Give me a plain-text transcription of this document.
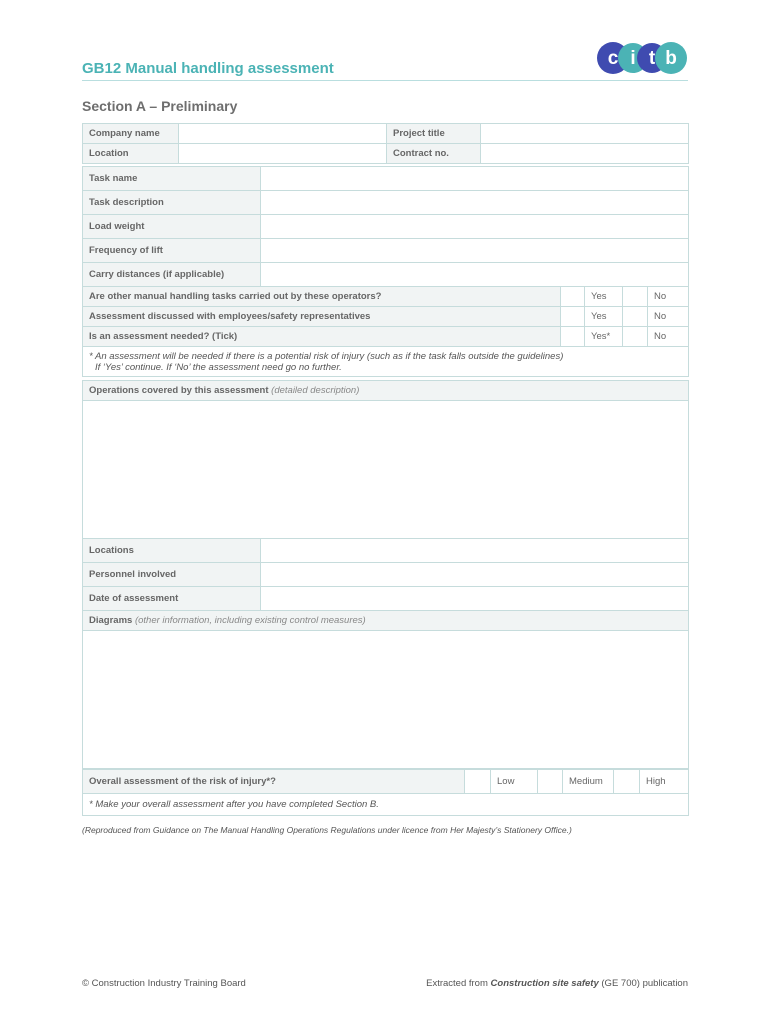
GB12 Manual handling assessment	c i t b
Section A – Preliminary
Company name		Project title	
Location		Contract no.	
Task name	
Task description	
Load weight	
Frequency of lift	
Carry distances (if applicable)	
Are other manual handling tasks carried out by these operators?		Yes		No
Assessment discussed with employees/safety representatives		Yes		No
Is an assessment needed? (Tick)		Yes*		No

* An assessment will be needed if there is a potential risk of injury (such as if the task falls outside the guidelines)
If ‘Yes’ continue. If ‘No’ the assessment need go no further.				
Operations covered by this assessment (detailed description)

Locations	
Personnel involved	
Date of assessment	
Diagrams (other information, including existing control measures)

Overall assessment of the risk of injury*?		Low		Medium		High
* Make your overall assessment after you have completed Section B.
(Reproduced from Guidance on The Manual Handling Operations Regulations under licence from Her Majesty’s Stationery Office.)
© Construction Industry Training Board	Extracted from Construction site safety (GE 700) publication
